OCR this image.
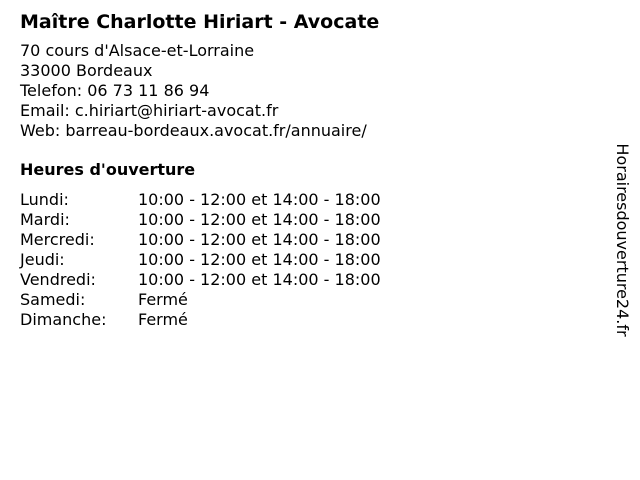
Maître Charlotte Hiriart - Avocate
70 cours d'Alsace-et-Lorraine
33000 Bordeaux
Telefon: 06 73 11 86 94
Email: c.hiriart@hiriart-avocat.fr
Web: barreau-bordeaux.avocat.fr/annuaire/
Heures d'ouverture
Lundi:	10:00 - 12:00 et 14:00 - 18:00
Mardi:	10:00 - 12:00 et 14:00 - 18:00
Mercredi:	10:00 - 12:00 et 14:00 - 18:00
Jeudi:	10:00 - 12:00 et 14:00 - 18:00
Vendredi:	10:00 - 12:00 et 14:00 - 18:00
Samedi:	Fermé
Dimanche:	Fermé	Horairesdouverture24.fr
